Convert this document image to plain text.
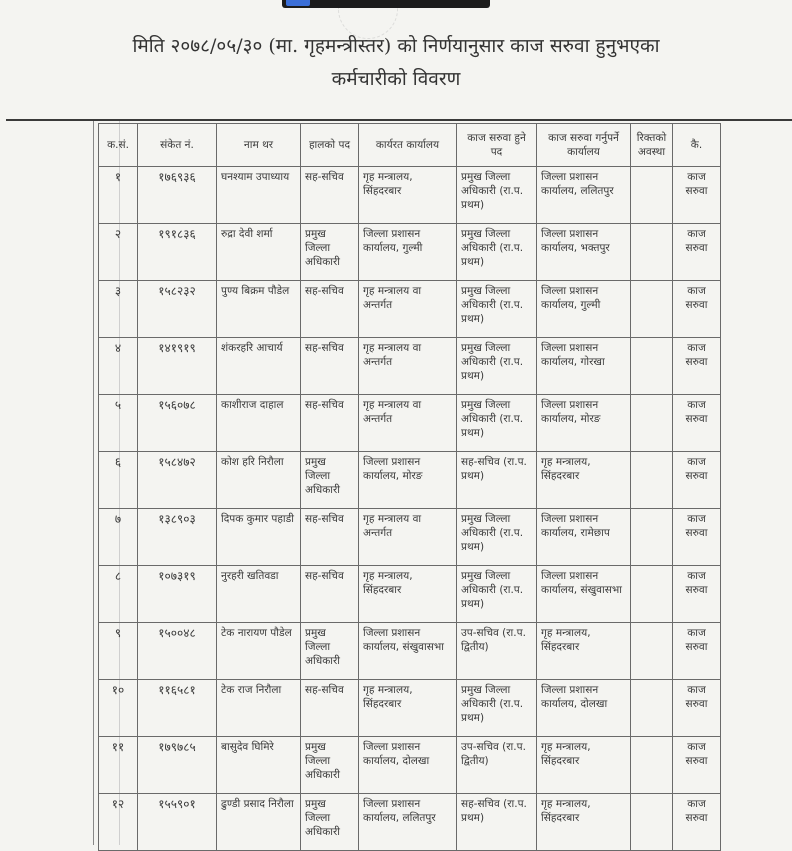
मिति २०७८/०५/३० (मा. गृहमन्त्रीस्तर) को निर्णयानुसार काज सरुवा हुनुभएका
कर्मचारीको विवरण
क.सं.	संकेत नं.	नाम थर	हालको पद	कार्यरत कार्यालय	काज सरुवा हुने पद	काज सरुवा गर्नुपर्ने कार्यालय	रिक्तको अवस्था	कै.
१	१७६९३६	घनश्याम उपाध्याय	सह-सचिव	गृह मन्त्रालय, सिंहदरबार	प्रमुख जिल्ला अधिकारी (रा.प. प्रथम)	जिल्ला प्रशासन कार्यालय, ललितपुर		काज सरुवा
२	१९१८३६	रुद्रा देवी शर्मा	प्रमुख जिल्ला अधिकारी	जिल्ला प्रशासन कार्यालय, गुल्मी	प्रमुख जिल्ला अधिकारी (रा.प. प्रथम)	जिल्ला प्रशासन कार्यालय, भक्तपुर		काज सरुवा
३	१५८२३२	पुण्य बिक्रम पौडेल	सह-सचिव	गृह मन्त्रालय वा अन्तर्गत	प्रमुख जिल्ला अधिकारी (रा.प. प्रथम)	जिल्ला प्रशासन कार्यालय, गुल्मी		काज सरुवा
४	१४१९१९	शंकरहरि आचार्य	सह-सचिव	गृह मन्त्रालय वा अन्तर्गत	प्रमुख जिल्ला अधिकारी (रा.प. प्रथम)	जिल्ला प्रशासन कार्यालय, गोरखा		काज सरुवा
५	१५६०७८	काशीराज दाहाल	सह-सचिव	गृह मन्त्रालय वा अन्तर्गत	प्रमुख जिल्ला अधिकारी (रा.प. प्रथम)	जिल्ला प्रशासन कार्यालय, मोरङ		काज सरुवा
६	१५८४७२	कोश हरि निरौला	प्रमुख जिल्ला अधिकारी	जिल्ला प्रशासन कार्यालय, मोरङ	सह-सचिव (रा.प. प्रथम)	गृह मन्त्रालय, सिंहदरबार		काज सरुवा
७	१३८९०३	दिपक कुमार पहाडी	सह-सचिव	गृह मन्त्रालय वा अन्तर्गत	प्रमुख जिल्ला अधिकारी (रा.प. प्रथम)	जिल्ला प्रशासन कार्यालय, रामेछाप		काज सरुवा
८	१०७३१९	नुरहरी खतिवडा	सह-सचिव	गृह मन्त्रालय, सिंहदरबार	प्रमुख जिल्ला अधिकारी (रा.प. प्रथम)	जिल्ला प्रशासन कार्यालय, संखुवासभा		काज सरुवा
९	१५००४८	टेक नारायण पौडेल	प्रमुख जिल्ला अधिकारी	जिल्ला प्रशासन कार्यालय, संखुवासभा	उप-सचिव (रा.प. द्वितीय)	गृह मन्त्रालय, सिंहदरबार		काज सरुवा
१०	११६५८१	टेक राज निरौला	सह-सचिव	गृह मन्त्रालय, सिंहदरबार	प्रमुख जिल्ला अधिकारी (रा.प. प्रथम)	जिल्ला प्रशासन कार्यालय, दोलखा		काज सरुवा
११	१७९७८५	बासुदेव घिमिरे	प्रमुख जिल्ला अधिकारी	जिल्ला प्रशासन कार्यालय, दोलखा	उप-सचिव (रा.प. द्वितीय)	गृह मन्त्रालय, सिंहदरबार		काज सरुवा
१२	१५५९०१	ढुण्डी प्रसाद निरौला	प्रमुख जिल्ला अधिकारी	जिल्ला प्रशासन कार्यालय, ललितपुर	सह-सचिव (रा.प. प्रथम)	गृह मन्त्रालय, सिंहदरबार		काज सरुवा
